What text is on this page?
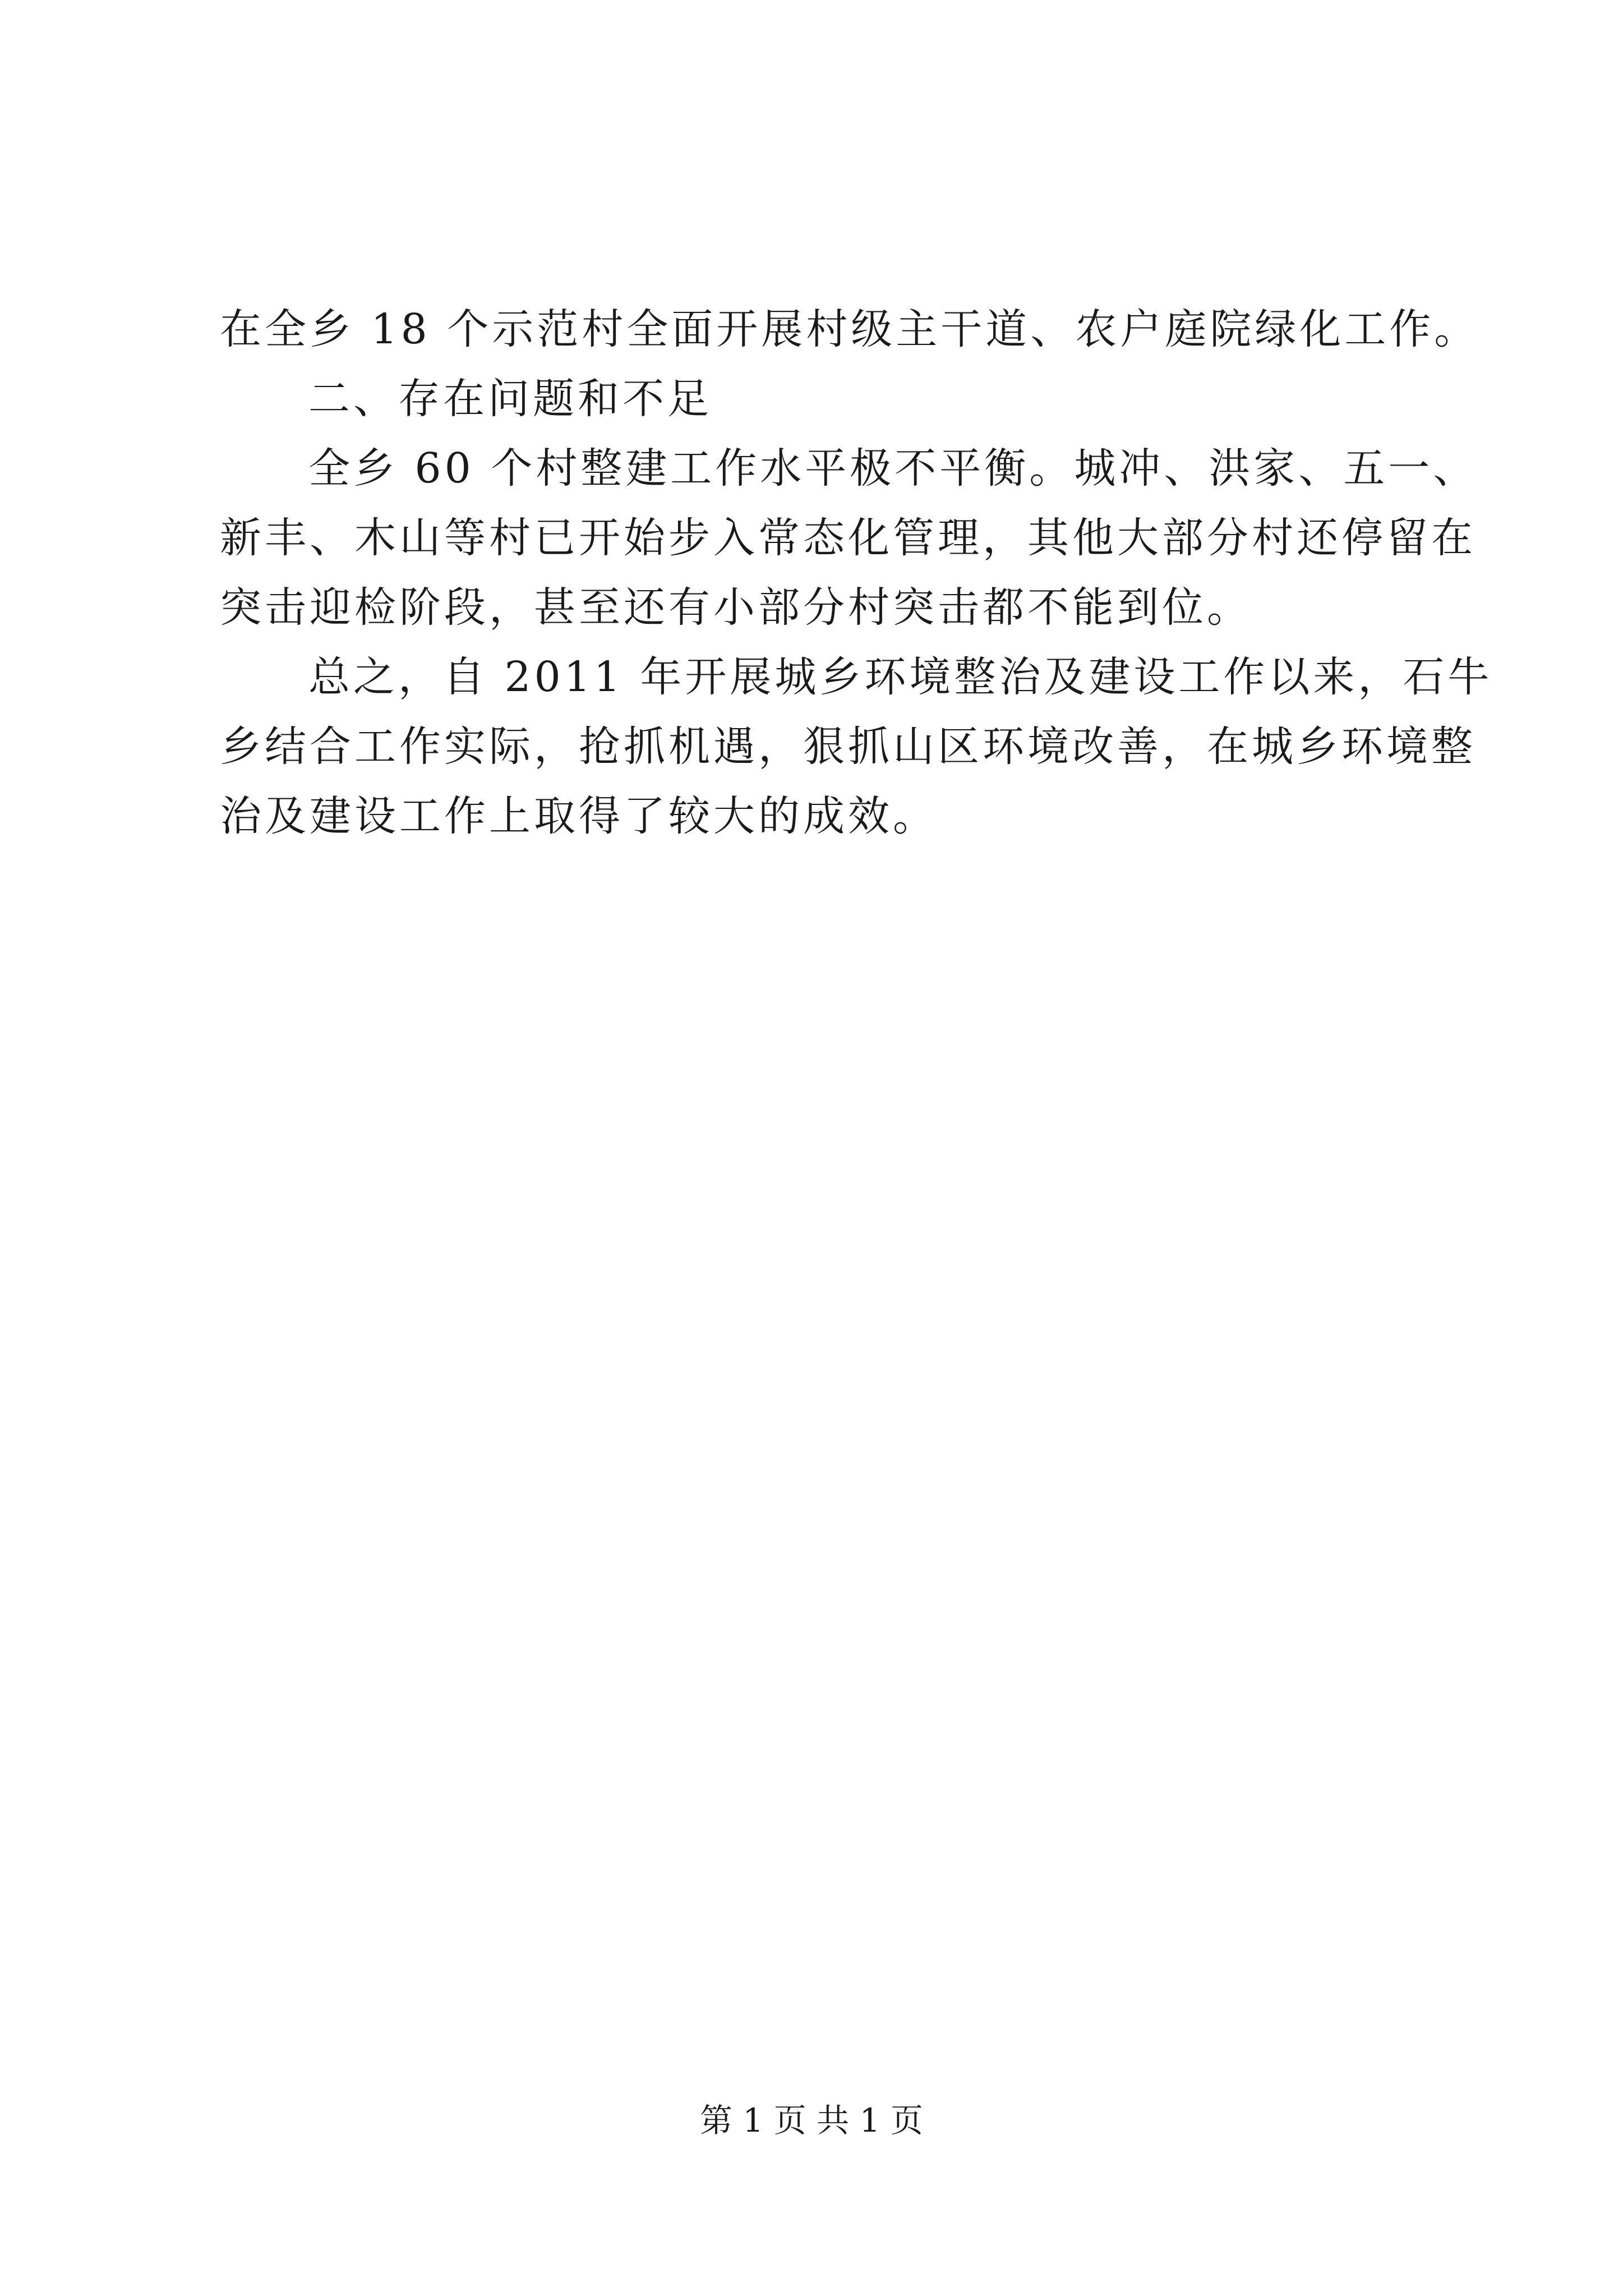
在全乡 18 个示范村全面开展村级主干道、农户庭院绿化工作。
二、存在问题和不足
全乡 60 个村整建工作水平极不平衡。城冲、洪家、五一、
新丰、木山等村已开始步入常态化管理，其他大部分村还停留在
突击迎检阶段，甚至还有小部分村突击都不能到位。
总之，自 2011 年开展城乡环境整治及建设工作以来，石牛
乡结合工作实际，抢抓机遇，狠抓山区环境改善，在城乡环境整
治及建设工作上取得了较大的成效。
第 1 页 共 1 页
